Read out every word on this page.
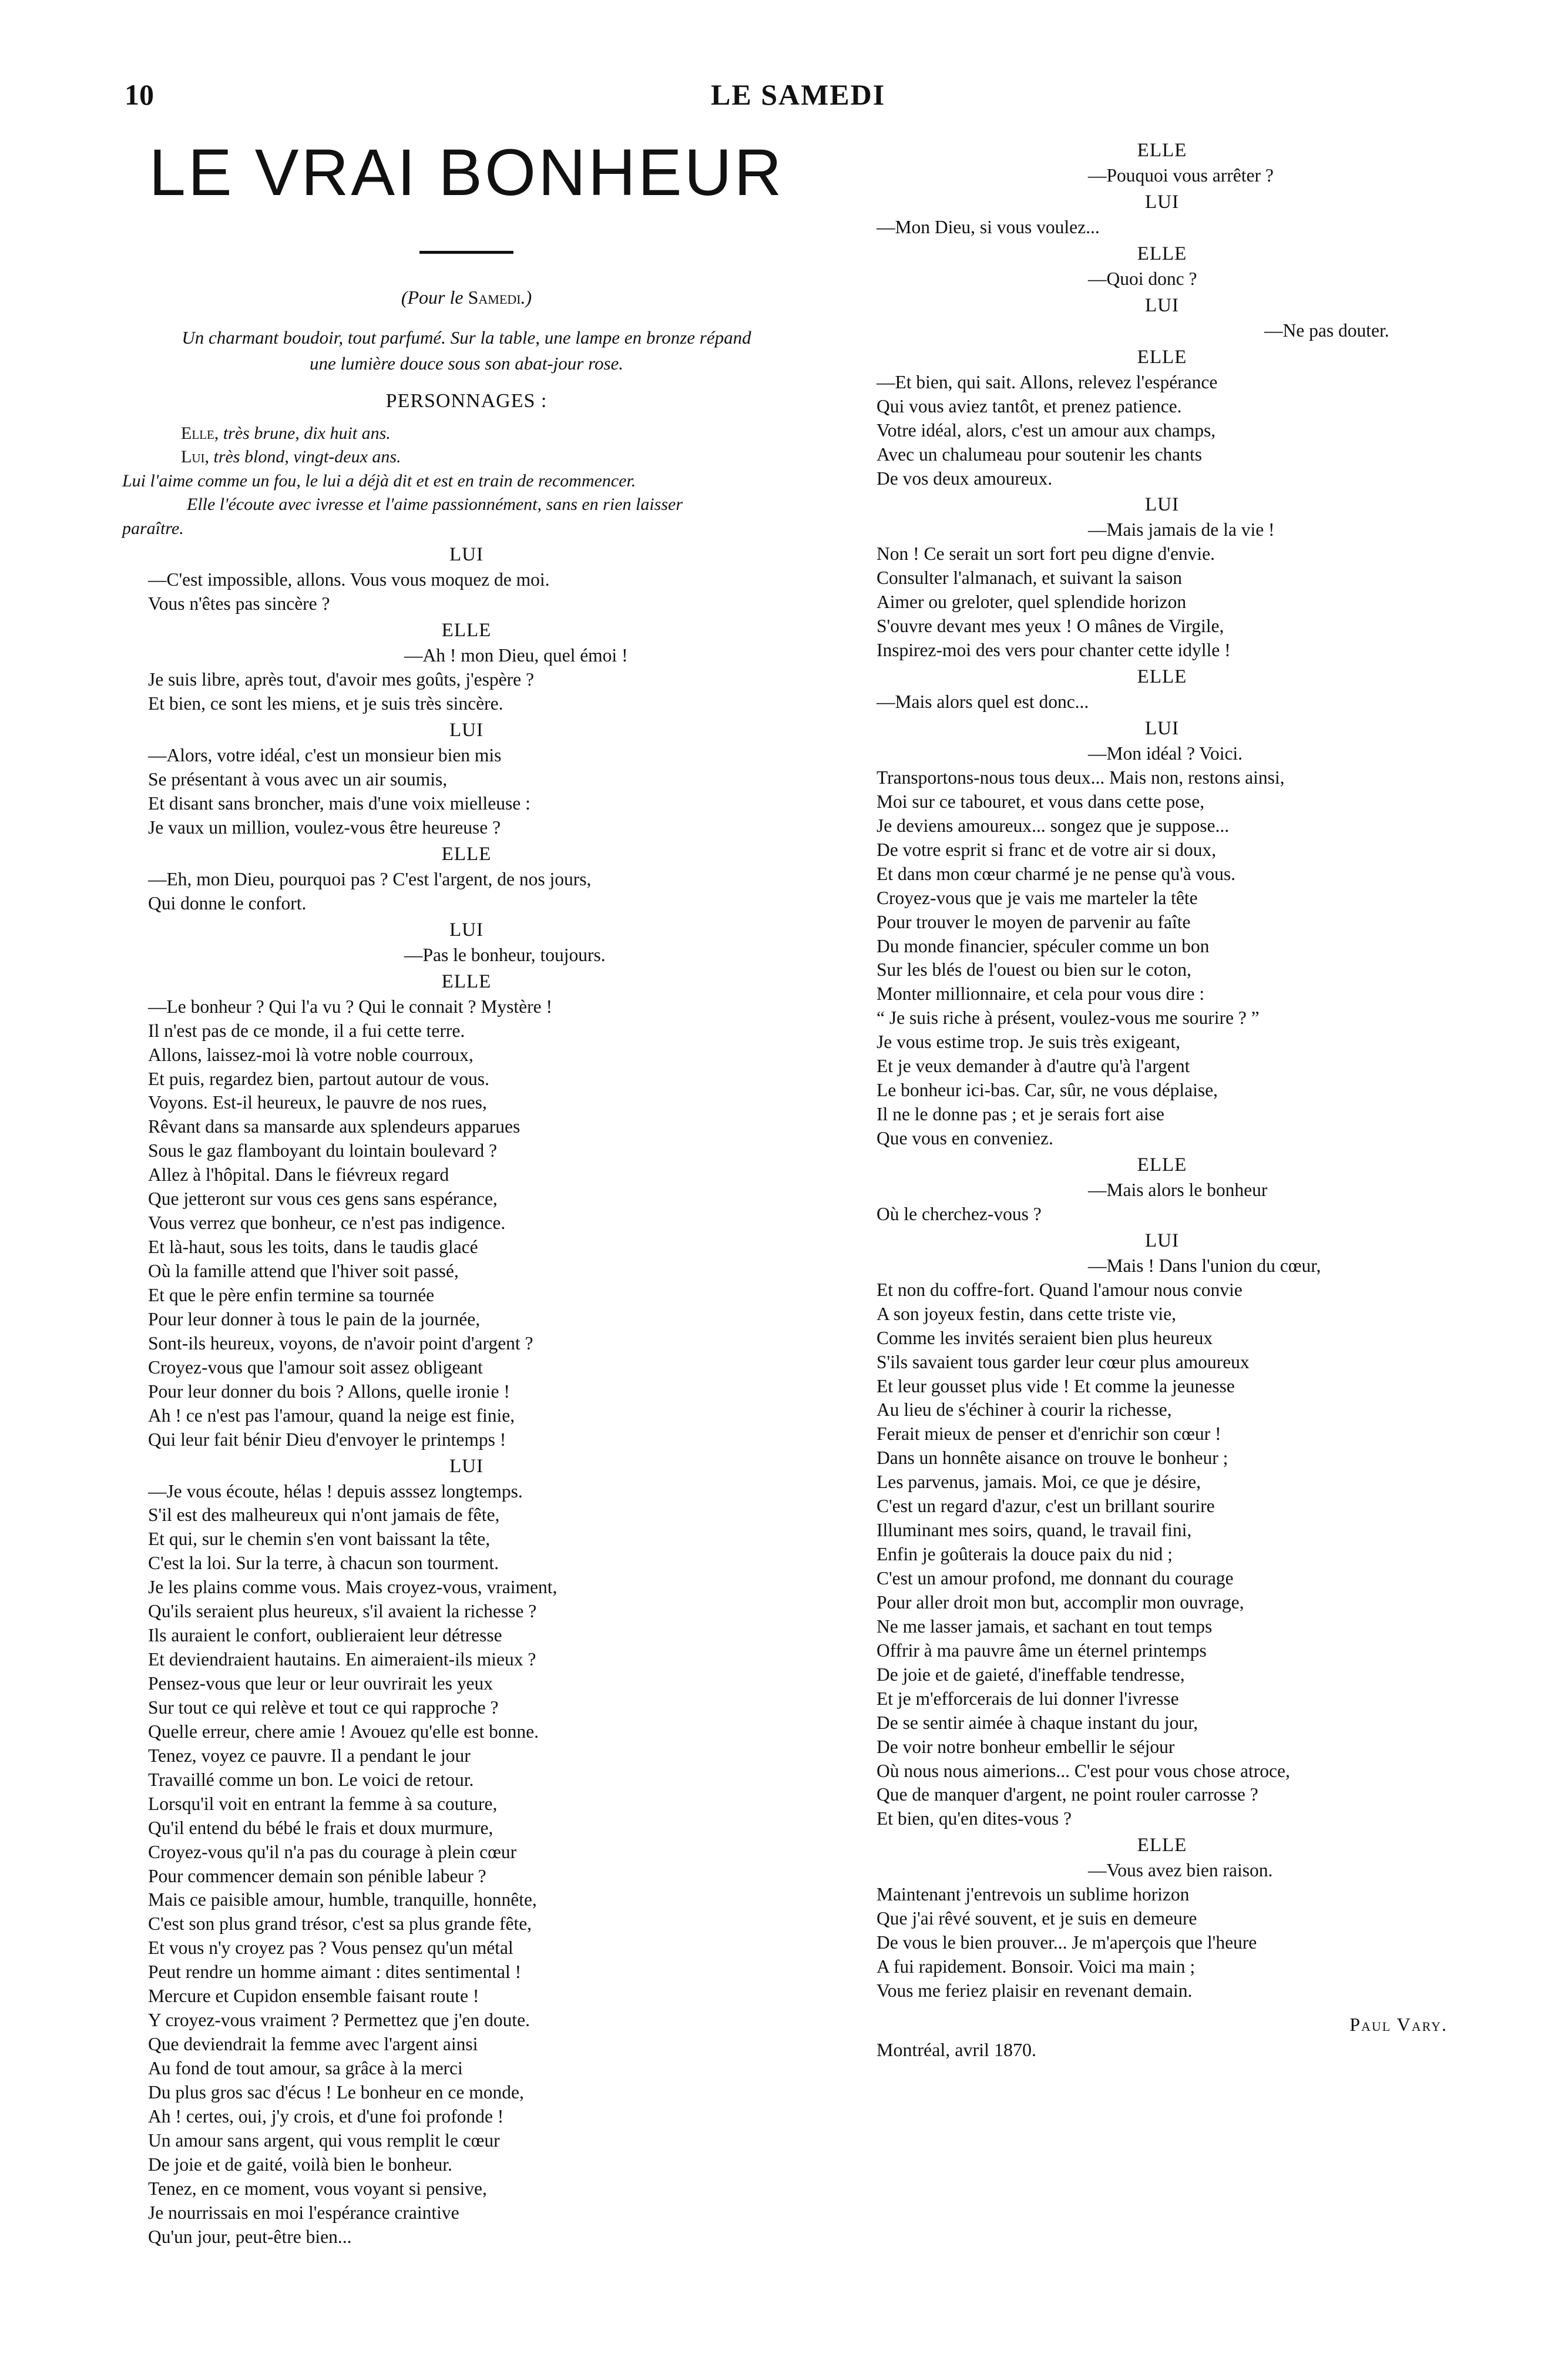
10	LE SAMEDI
LE VRAI BONHEUR

(Pour le Samedi.)

Un charmant boudoir, tout parfumé. Sur la table, une lampe en bronze répand une lumière douce sous son abat-jour rose.

PERSONNAGES :
Elle, très brune, dix huit ans.
Lui, très blond, vingt-deux ans.
Lui l'aime comme un fou, le lui a déjà dit et est en train de recommencer.
Elle l'écoute avec ivresse et l'aime passionnément, sans en rien laisser
paraître.
LUI
—C'est impossible, allons. Vous vous moquez de moi.
Vous n'êtes pas sincère ?
ELLE
—Ah ! mon Dieu, quel émoi !
Je suis libre, après tout, d'avoir mes goûts, j'espère ?
Et bien, ce sont les miens, et je suis très sincère.
LUI
—Alors, votre idéal, c'est un monsieur bien mis
Se présentant à vous avec un air soumis,
Et disant sans broncher, mais d'une voix mielleuse :
Je vaux un million, voulez-vous être heureuse ?
ELLE
—Eh, mon Dieu, pourquoi pas ? C'est l'argent, de nos jours,
Qui donne le confort.
LUI
—Pas le bonheur, toujours.
ELLE
—Le bonheur ? Qui l'a vu ? Qui le connait ? Mystère !
Il n'est pas de ce monde, il a fui cette terre.
Allons, laissez-moi là votre noble courroux,
Et puis, regardez bien, partout autour de vous.
Voyons. Est-il heureux, le pauvre de nos rues,
Rêvant dans sa mansarde aux splendeurs apparues
Sous le gaz flamboyant du lointain boulevard ?
Allez à l'hôpital. Dans le fiévreux regard
Que jetteront sur vous ces gens sans espérance,
Vous verrez que bonheur, ce n'est pas indigence.
Et là-haut, sous les toits, dans le taudis glacé
Où la famille attend que l'hiver soit passé,
Et que le père enfin termine sa tournée
Pour leur donner à tous le pain de la journée,
Sont-ils heureux, voyons, de n'avoir point d'argent ?
Croyez-vous que l'amour soit assez obligeant
Pour leur donner du bois ? Allons, quelle ironie !
Ah ! ce n'est pas l'amour, quand la neige est finie,
Qui leur fait bénir Dieu d'envoyer le printemps !
LUI
—Je vous écoute, hélas ! depuis asssez longtemps.
S'il est des malheureux qui n'ont jamais de fête,
Et qui, sur le chemin s'en vont baissant la tête,
C'est la loi. Sur la terre, à chacun son tourment.
Je les plains comme vous. Mais croyez-vous, vraiment,
Qu'ils seraient plus heureux, s'il avaient la richesse ?
Ils auraient le confort, oublieraient leur détresse
Et deviendraient hautains. En aimeraient-ils mieux ?
Pensez-vous que leur or leur ouvrirait les yeux
Sur tout ce qui relève et tout ce qui rapproche ?
Quelle erreur, chere amie ! Avouez qu'elle est bonne.
Tenez, voyez ce pauvre. Il a pendant le jour
Travaillé comme un bon. Le voici de retour.
Lorsqu'il voit en entrant la femme à sa couture,
Qu'il entend du bébé le frais et doux murmure,
Croyez-vous qu'il n'a pas du courage à plein cœur
Pour commencer demain son pénible labeur ?
Mais ce paisible amour, humble, tranquille, honnête,
C'est son plus grand trésor, c'est sa plus grande fête,
Et vous n'y croyez pas ? Vous pensez qu'un métal
Peut rendre un homme aimant : dites sentimental !
Mercure et Cupidon ensemble faisant route !
Y croyez-vous vraiment ? Permettez que j'en doute.
Que deviendrait la femme avec l'argent ainsi
Au fond de tout amour, sa grâce à la merci
Du plus gros sac d'écus ! Le bonheur en ce monde,
Ah ! certes, oui, j'y crois, et d'une foi profonde !
Un amour sans argent, qui vous remplit le cœur
De joie et de gaité, voilà bien le bonheur.
Tenez, en ce moment, vous voyant si pensive,
Je nourrissais en moi l'espérance craintive
Qu'un jour, peut-être bien...
ELLE
—Pouquoi vous arrêter ?
LUI
—Mon Dieu, si vous voulez...
ELLE
—Quoi donc ?
LUI
—Ne pas douter.
ELLE
—Et bien, qui sait. Allons, relevez l'espérance
Qui vous aviez tantôt, et prenez patience.
Votre idéal, alors, c'est un amour aux champs,
Avec un chalumeau pour soutenir les chants
De vos deux amoureux.
LUI
—Mais jamais de la vie !
Non ! Ce serait un sort fort peu digne d'envie.
Consulter l'almanach, et suivant la saison
Aimer ou greloter, quel splendide horizon
S'ouvre devant mes yeux ! O mânes de Virgile,
Inspirez-moi des vers pour chanter cette idylle !
ELLE
—Mais alors quel est donc...
LUI
—Mon idéal ? Voici.
Transportons-nous tous deux... Mais non, restons ainsi,
Moi sur ce tabouret, et vous dans cette pose,
Je deviens amoureux... songez que je suppose...
De votre esprit si franc et de votre air si doux,
Et dans mon cœur charmé je ne pense qu'à vous.
Croyez-vous que je vais me marteler la tête
Pour trouver le moyen de parvenir au faîte
Du monde financier, spéculer comme un bon
Sur les blés de l'ouest ou bien sur le coton,
Monter millionnaire, et cela pour vous dire :
“ Je suis riche à présent, voulez-vous me sourire ? ”
Je vous estime trop. Je suis très exigeant,
Et je veux demander à d'autre qu'à l'argent
Le bonheur ici-bas. Car, sûr, ne vous déplaise,
Il ne le donne pas ; et je serais fort aise
Que vous en conveniez.
ELLE
—Mais alors le bonheur
Où le cherchez-vous ?
LUI
—Mais ! Dans l'union du cœur,
Et non du coffre-fort. Quand l'amour nous convie
A son joyeux festin, dans cette triste vie,
Comme les invités seraient bien plus heureux
S'ils savaient tous garder leur cœur plus amoureux
Et leur gousset plus vide ! Et comme la jeunesse
Au lieu de s'échiner à courir la richesse,
Ferait mieux de penser et d'enrichir son cœur !
Dans un honnête aisance on trouve le bonheur ;
Les parvenus, jamais. Moi, ce que je désire,
C'est un regard d'azur, c'est un brillant sourire
Illuminant mes soirs, quand, le travail fini,
Enfin je goûterais la douce paix du nid ;
C'est un amour profond, me donnant du courage
Pour aller droit mon but, accomplir mon ouvrage,
Ne me lasser jamais, et sachant en tout temps
Offrir à ma pauvre âme un éternel printemps
De joie et de gaieté, d'ineffable tendresse,
Et je m'efforcerais de lui donner l'ivresse
De se sentir aimée à chaque instant du jour,
De voir notre bonheur embellir le séjour
Où nous nous aimerions... C'est pour vous chose atroce,
Que de manquer d'argent, ne point rouler carrosse ?
Et bien, qu'en dites-vous ?
ELLE
—Vous avez bien raison.
Maintenant j'entrevois un sublime horizon
Que j'ai rêvé souvent, et je suis en demeure
De vous le bien prouver... Je m'aperçois que l'heure
A fui rapidement. Bonsoir. Voici ma main ;
Vous me feriez plaisir en revenant demain.
Paul Vary.
Montréal, avril 1870.
